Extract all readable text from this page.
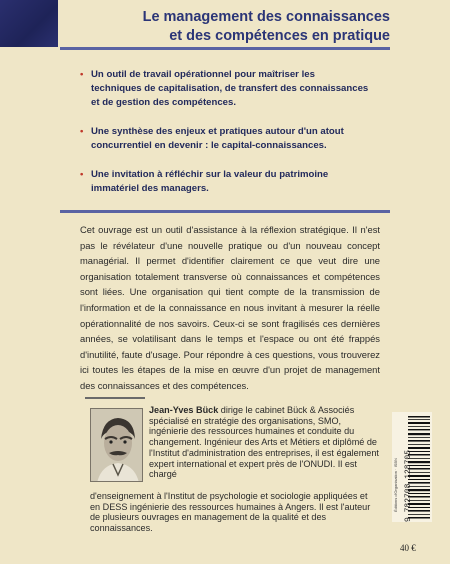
Le management des connaissances
et des compétences en pratique
• Un outil de travail opérationnel pour maîtriser les
techniques de capitalisation, de transfert des connaissances
et de gestion des compétences.
• Une synthèse des enjeux et pratiques autour d'un atout
concurrentiel en devenir : le capital-connaissances.
• Une invitation à réfléchir sur la valeur du patrimoine
immatériel des managers.

Cet ouvrage est un outil d'assistance à la réflexion stratégique. Il n'est pas le révélateur d'une nouvelle pratique ou d'un nouveau concept managérial. Il permet d'identifier clairement ce que veut dire une organisation totalement transverse où connaissances et compétences sont liées. Une organisation qui tient compte de la transmission de l'information et de la connaissance en nous invitant à mesurer la réelle opérationnalité de nos savoirs. Ceux-ci se sont fragilisés ces dernières années, se volatilisant dans le temps et l'espace ou ont été frappés d'inutilité, faute d'usage. Pour répondre à ces questions, vous trouverez ici toutes les étapes de la mise en œuvre d'un projet de management des connaissances et des compétences.

Jean-Yves Bück dirige le cabinet Bück & Associés spécialisé en stratégie des organisations, SMO, ingénierie des ressources humaines et conduite du changement. Ingénieur des Arts et Métiers et diplômé de l'Institut d'administration des entreprises, il est également expert international et expert près de l'ONUDI. Il est chargé
d'enseignement à l'Institut de psychologie et sociologie appliquées et en DESS ingénierie des ressources humaines à Angers. Il est l'auteur de plusieurs ouvrages en management de la qualité et des connaissances.
9 782708 128705
Éditions d'Organisation · ISBN
40 €
